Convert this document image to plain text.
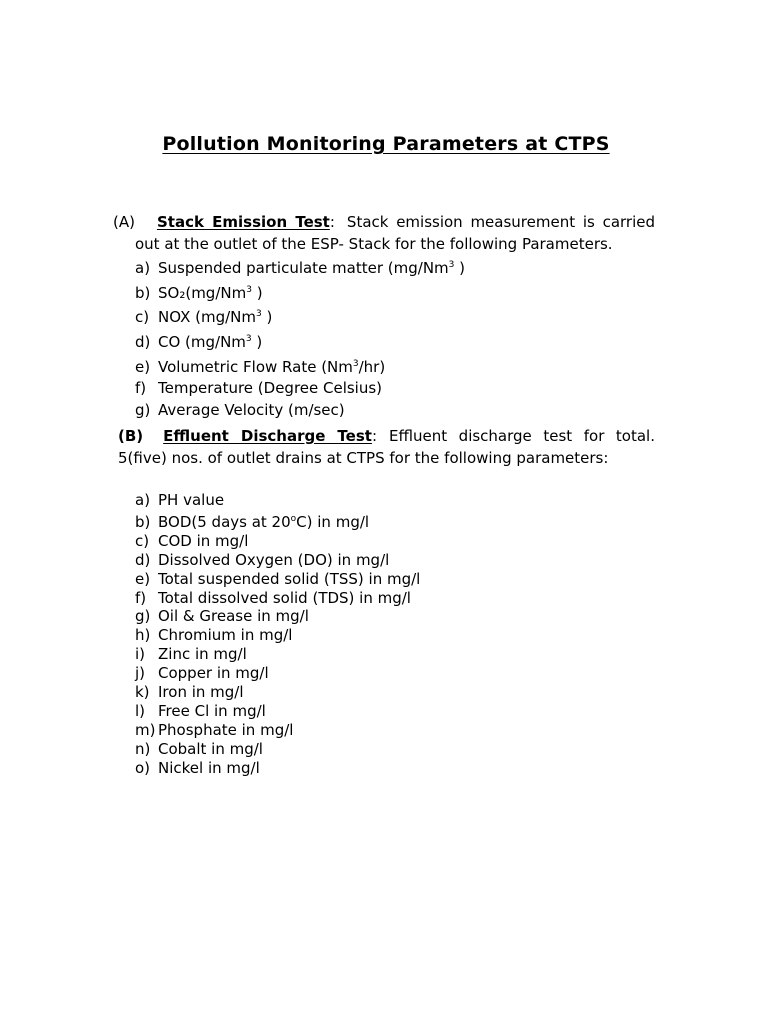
Pollution Monitoring Parameters at CTPS
(A) Stack Emission Test: Stack emission measurement is carried
out at the outlet of the ESP- Stack for the following Parameters.
a) Suspended particulate matter (mg/Nm$^3$ )
b) SO₂(mg/Nm$^3$ )
c) NOX (mg/Nm$^3$ )
d) CO (mg/Nm$^3$ )
e) Volumetric Flow Rate (Nm$^3$/hr)
f) Temperature (Degree Celsius)
g) Average Velocity (m/sec)
(B) Effluent Discharge Test: Effluent discharge test for total.
5(five) nos. of outlet drains at CTPS for the following parameters:
a) PH value
b) BOD(5 days at 20$^o$C) in mg/l
c) COD in mg/l
d) Dissolved Oxygen (DO) in mg/l
e) Total suspended solid (TSS) in mg/l
f) Total dissolved solid (TDS) in mg/l
g) Oil & Grease in mg/l
h) Chromium in mg/l
i) Zinc in mg/l
j) Copper in mg/l
k) Iron in mg/l
l) Free Cl in mg/l
m) Phosphate in mg/l
n) Cobalt in mg/l
o) Nickel in mg/l
